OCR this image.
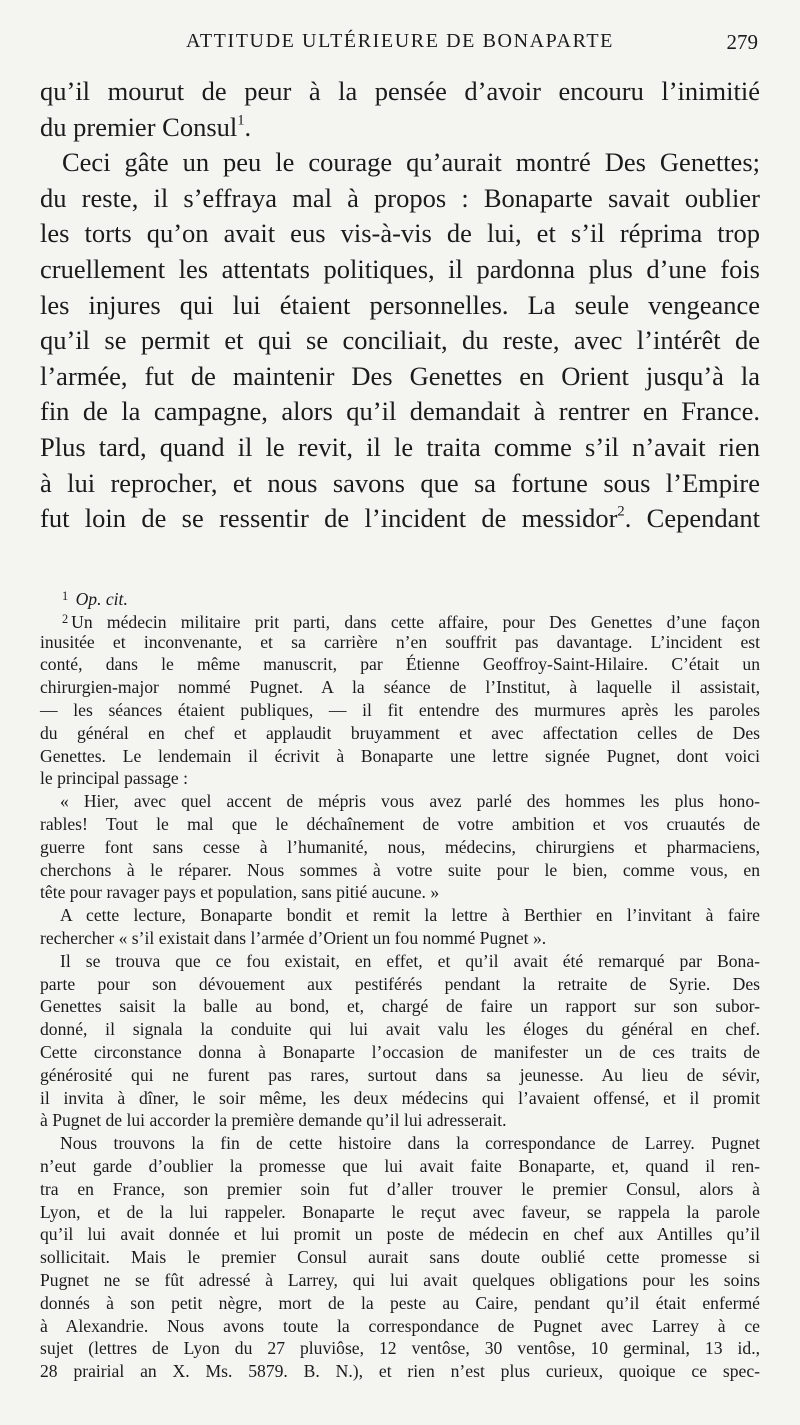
ATTITUDE ULTÉRIEURE DE BONAPARTE	279
qu’il mourut de peur à la pensée d’avoir encouru l’inimitié
du premier Consul$^1$.
Ceci gâte un peu le courage qu’aurait montré Des Genettes;
du reste, il s’effraya mal à propos : Bonaparte savait oublier
les torts qu’on avait eus vis-à-vis de lui, et s’il réprima trop
cruellement les attentats politiques, il pardonna plus d’une fois
les injures qui lui étaient personnelles. La seule vengeance
qu’il se permit et qui se conciliait, du reste, avec l’intérêt de
l’armée, fut de maintenir Des Genettes en Orient jusqu’à la
fin de la campagne, alors qu’il demandait à rentrer en France.
Plus tard, quand il le revit, il le traita comme s’il n’avait rien
à lui reprocher, et nous savons que sa fortune sous l’Empire
fut loin de se ressentir de l’incident de messidor$^2$. Cependant
$^1$ Op. cit.
$^2$ Un médecin militaire prit parti, dans cette affaire, pour Des Genettes d’une façon
inusitée et inconvenante, et sa carrière n’en souffrit pas davantage. L’incident est
conté, dans le même manuscrit, par Étienne Geoffroy-Saint-Hilaire. C’était un
chirurgien-major nommé Pugnet. A la séance de l’Institut, à laquelle il assistait,
— les séances étaient publiques, — il fit entendre des murmures après les paroles
du général en chef et applaudit bruyamment et avec affectation celles de Des
Genettes. Le lendemain il écrivit à Bonaparte une lettre signée Pugnet, dont voici
le principal passage :
« Hier, avec quel accent de mépris vous avez parlé des hommes les plus hono-
rables! Tout le mal que le déchaînement de votre ambition et vos cruautés de
guerre font sans cesse à l’humanité, nous, médecins, chirurgiens et pharmaciens,
cherchons à le réparer. Nous sommes à votre suite pour le bien, comme vous, en
tête pour ravager pays et population, sans pitié aucune. »
A cette lecture, Bonaparte bondit et remit la lettre à Berthier en l’invitant à faire
rechercher « s’il existait dans l’armée d’Orient un fou nommé Pugnet ».
Il se trouva que ce fou existait, en effet, et qu’il avait été remarqué par Bona-
parte pour son dévouement aux pestiférés pendant la retraite de Syrie. Des
Genettes saisit la balle au bond, et, chargé de faire un rapport sur son subor-
donné, il signala la conduite qui lui avait valu les éloges du général en chef.
Cette circonstance donna à Bonaparte l’occasion de manifester un de ces traits de
générosité qui ne furent pas rares, surtout dans sa jeunesse. Au lieu de sévir,
il invita à dîner, le soir même, les deux médecins qui l’avaient offensé, et il promit
à Pugnet de lui accorder la première demande qu’il lui adresserait.
Nous trouvons la fin de cette histoire dans la correspondance de Larrey. Pugnet
n’eut garde d’oublier la promesse que lui avait faite Bonaparte, et, quand il ren-
tra en France, son premier soin fut d’aller trouver le premier Consul, alors à
Lyon, et de la lui rappeler. Bonaparte le reçut avec faveur, se rappela la parole
qu’il lui avait donnée et lui promit un poste de médecin en chef aux Antilles qu’il
sollicitait. Mais le premier Consul aurait sans doute oublié cette promesse si
Pugnet ne se fût adressé à Larrey, qui lui avait quelques obligations pour les soins
donnés à son petit nègre, mort de la peste au Caire, pendant qu’il était enfermé
à Alexandrie. Nous avons toute la correspondance de Pugnet avec Larrey à ce
sujet (lettres de Lyon du 27 pluviôse, 12 ventôse, 30 ventôse, 10 germinal, 13 id.,
28 prairial an X. Ms. 5879. B. N.), et rien n’est plus curieux, quoique ce spec-
